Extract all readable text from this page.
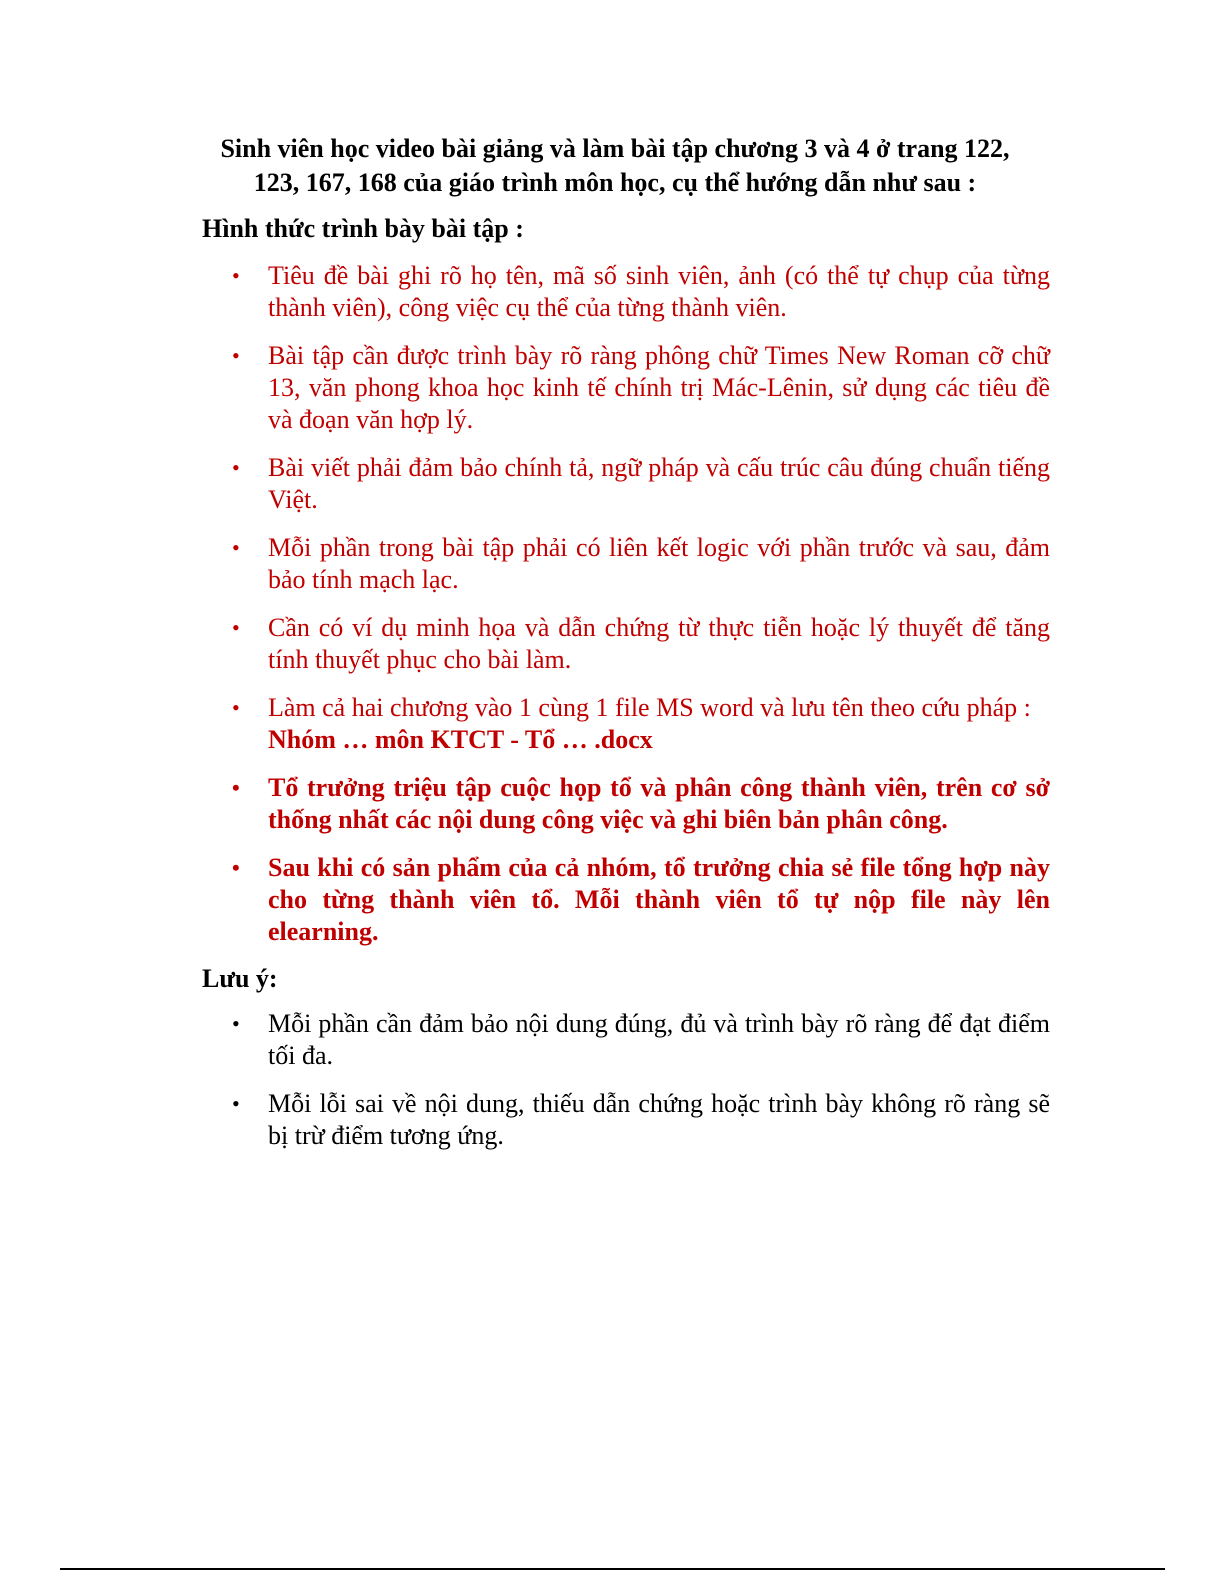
Sinh viên học video bài giảng và làm bài tập chương 3 và 4 ở trang 122,
123, 167, 168 của giáo trình môn học, cụ thể hướng dẫn như sau :
Hình thức trình bày bài tập :
•	Tiêu đề bài ghi rõ họ tên, mã số sinh viên, ảnh (có thể tự chụp của từng thành viên), công việc cụ thể của từng thành viên.
•	Bài tập cần được trình bày rõ ràng phông chữ Times New Roman cỡ chữ 13, văn phong khoa học kinh tế chính trị Mác-Lênin, sử dụng các tiêu đề và đoạn văn hợp lý.
•	Bài viết phải đảm bảo chính tả, ngữ pháp và cấu trúc câu đúng chuẩn tiếng Việt.
•	Mỗi phần trong bài tập phải có liên kết logic với phần trước và sau, đảm bảo tính mạch lạc.
•	Cần có ví dụ minh họa và dẫn chứng từ thực tiễn hoặc lý thuyết để tăng tính thuyết phục cho bài làm.
•	Làm cả hai chương vào 1 cùng 1 file MS word và lưu tên theo cứu pháp :
Nhóm … môn KTCT - Tổ … .docx
•	Tổ trưởng triệu tập cuộc họp tổ và phân công thành viên, trên cơ sở thống nhất các nội dung công việc và ghi biên bản phân công.
•	Sau khi có sản phẩm của cả nhóm, tổ trưởng chia sẻ file tổng hợp này cho từng thành viên tổ. Mỗi thành viên tổ tự nộp file này lên elearning.
Lưu ý:
•	Mỗi phần cần đảm bảo nội dung đúng, đủ và trình bày rõ ràng để đạt điểm tối đa.
•	Mỗi lỗi sai về nội dung, thiếu dẫn chứng hoặc trình bày không rõ ràng sẽ bị trừ điểm tương ứng.
